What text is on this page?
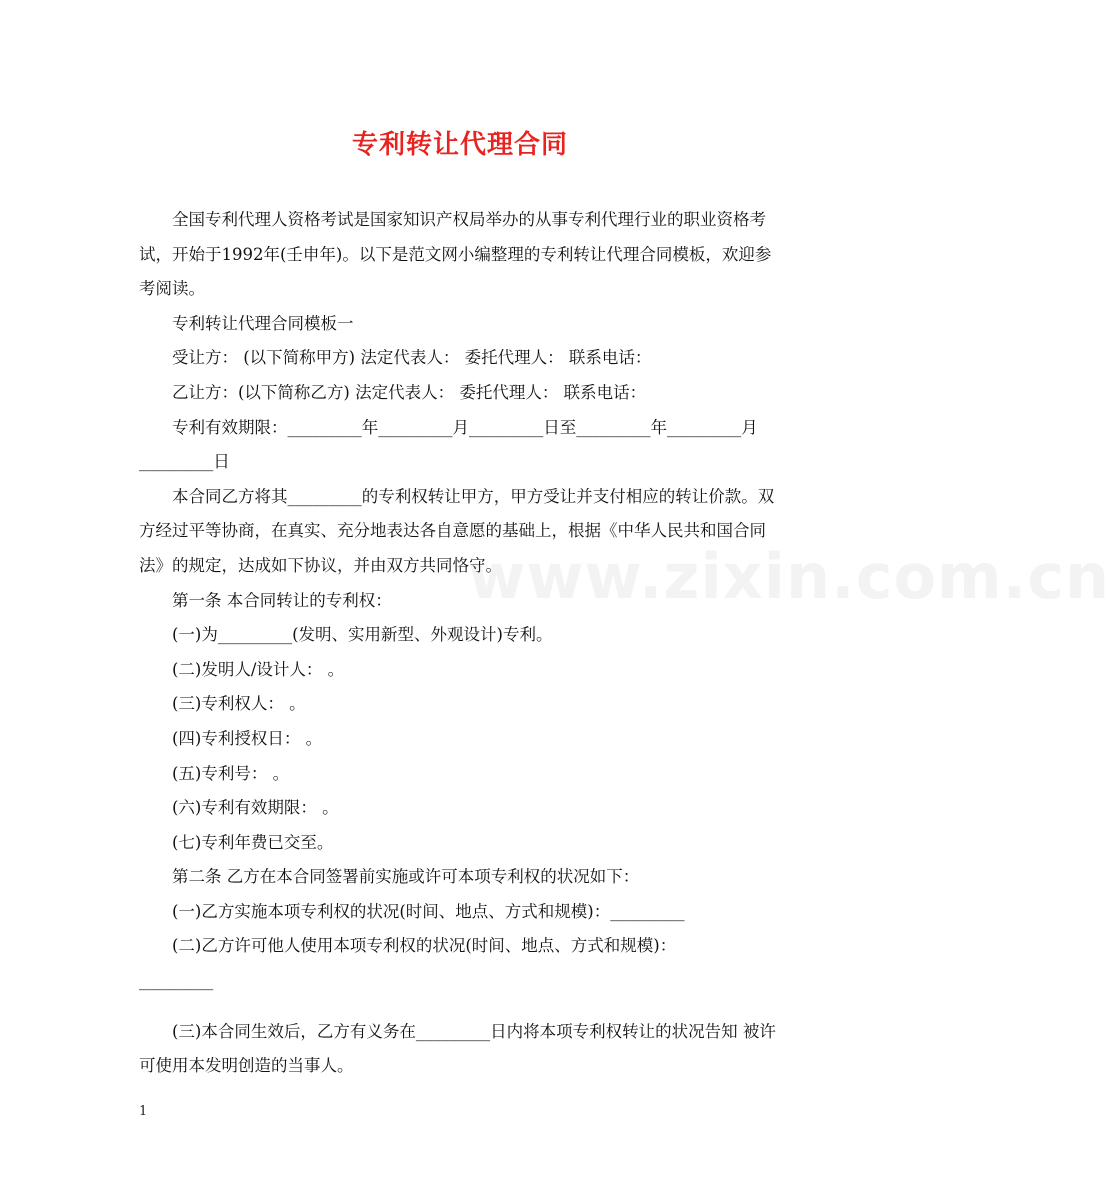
专利转让代理合同

全国专利代理人资格考试是国家知识产权局举办的从事专利代理行业的职业资格考试，开始于1992年(壬申年)。以下是范文网小编整理的专利转让代理合同模板，欢迎参考阅读。

专利转让代理合同模板一

受让方： (以下简称甲方) 法定代表人： 委托代理人： 联系电话：

乙让方：(以下简称乙方) 法定代表人： 委托代理人： 联系电话：

专利有效期限：_________年_________月_________日至_________年_________月_________日

本合同乙方将其_________的专利权转让甲方，甲方受让并支付相应的转让价款。双方经过平等协商，在真实、充分地表达各自意愿的基础上，根据《中华人民共和国合同法》的规定，达成如下协议，并由双方共同恪守。

第一条 本合同转让的专利权：

(一)为_________(发明、实用新型、外观设计)专利。

(二)发明人/设计人： 。

(三)专利权人： 。

(四)专利授权日： 。

(五)专利号： 。

(六)专利有效期限： 。

(七)专利年费已交至。

第二条 乙方在本合同签署前实施或许可本项专利权的状况如下：

(一)乙方实施本项专利权的状况(时间、地点、方式和规模)：_________

(二)乙方许可他人使用本项专利权的状况(时间、地点、方式和规模)：

_________

(三)本合同生效后，乙方有义务在_________日内将本项专利权转让的状况告知 被许可使用本发明创造的当事人。

www.zixin.com.cn
1
